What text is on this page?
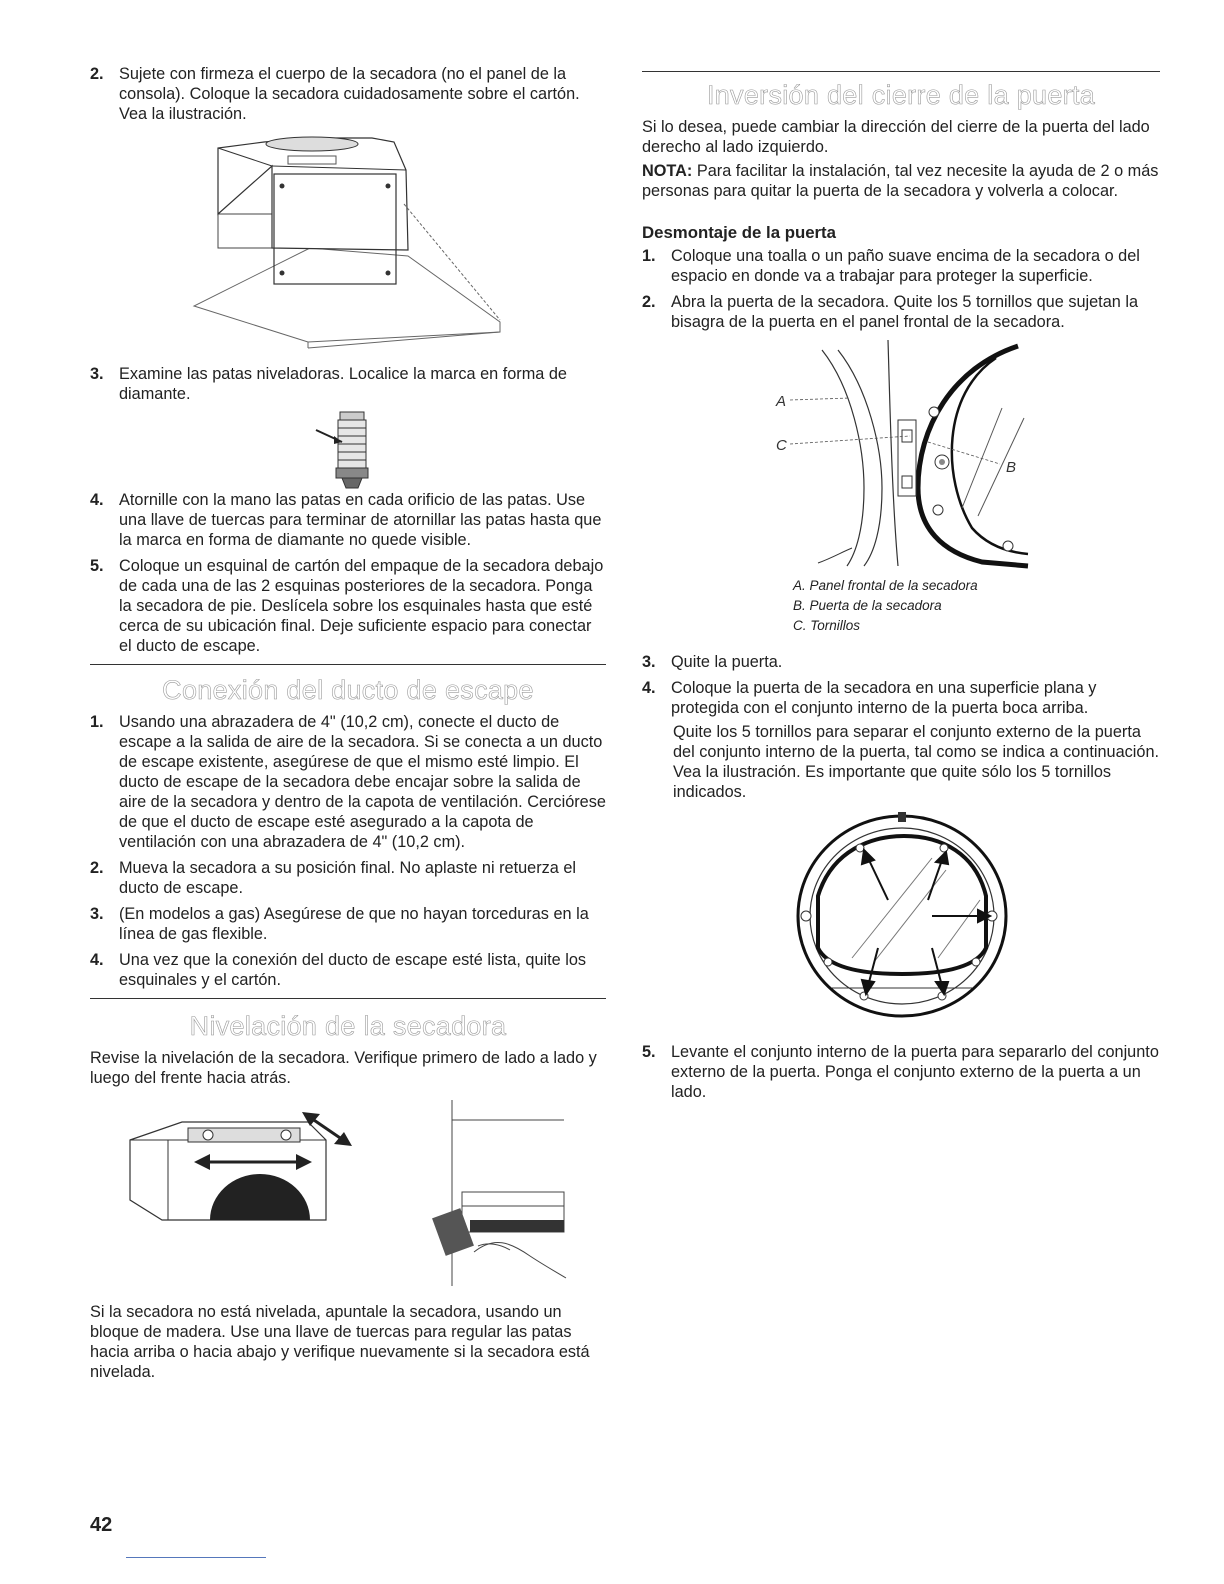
2. Sujete con firmeza el cuerpo de la secadora (no el panel de la consola). Coloque la secadora cuidadosamente sobre el cartón. Vea la ilustración.
3. Examine las patas niveladoras. Localice la marca en forma de diamante.
4. Atornille con la mano las patas en cada orificio de las patas. Use una llave de tuercas para terminar de atornillar las patas hasta que la marca en forma de diamante no quede visible.
5. Coloque un esquinal de cartón del empaque de la secadora debajo de cada una de las 2 esquinas posteriores de la secadora. Ponga la secadora de pie. Deslícela sobre los esquinales hasta que esté cerca de su ubicación final. Deje suficiente espacio para conectar el ducto de escape.
Conexión del ducto de escape
1. Usando una abrazadera de 4" (10,2 cm), conecte el ducto de escape a la salida de aire de la secadora. Si se conecta a un ducto de escape existente, asegúrese de que el mismo esté limpio. El ducto de escape de la secadora debe encajar sobre la salida de aire de la secadora y dentro de la capota de ventilación. Cerciórese de que el ducto de escape esté asegurado a la capota de ventilación con una abrazadera de 4" (10,2 cm).
2. Mueva la secadora a su posición final. No aplaste ni retuerza el ducto de escape.
3. (En modelos a gas) Asegúrese de que no hayan torceduras en la línea de gas flexible.
4. Una vez que la conexión del ducto de escape esté lista, quite los esquinales y el cartón.
Nivelación de la secadora

Revise la nivelación de la secadora. Verifique primero de lado a lado y luego del frente hacia atrás.

Si la secadora no está nivelada, apuntale la secadora, usando un bloque de madera. Use una llave de tuercas para regular las patas hacia arriba o hacia abajo y verifique nuevamente si la secadora está nivelada.

Inversión del cierre de la puerta

Si lo desea, puede cambiar la dirección del cierre de la puerta del lado derecho al lado izquierdo.

NOTA: Para facilitar la instalación, tal vez necesite la ayuda de 2 o más personas para quitar la puerta de la secadora y volverla a colocar.

Desmontaje de la puerta
1. Coloque una toalla o un paño suave encima de la secadora o del espacio en donde va a trabajar para proteger la superficie.
2. Abra la puerta de la secadora. Quite los 5 tornillos que sujetan la bisagra de la puerta en el panel frontal de la secadora.
A
C
B
A. Panel frontal de la secadora
B. Puerta de la secadora
C. Tornillos
3. Quite la puerta.
4. Coloque la puerta de la secadora en una superficie plana y protegida con el conjunto interno de la puerta boca arriba.

Quite los 5 tornillos para separar el conjunto externo de la puerta del conjunto interno de la puerta, tal como se indica a continuación. Vea la ilustración. Es importante que quite sólo los 5 tornillos indicados.

5. Levante el conjunto interno de la puerta para separarlo del conjunto externo de la puerta. Ponga el conjunto externo de la puerta a un lado.
42
